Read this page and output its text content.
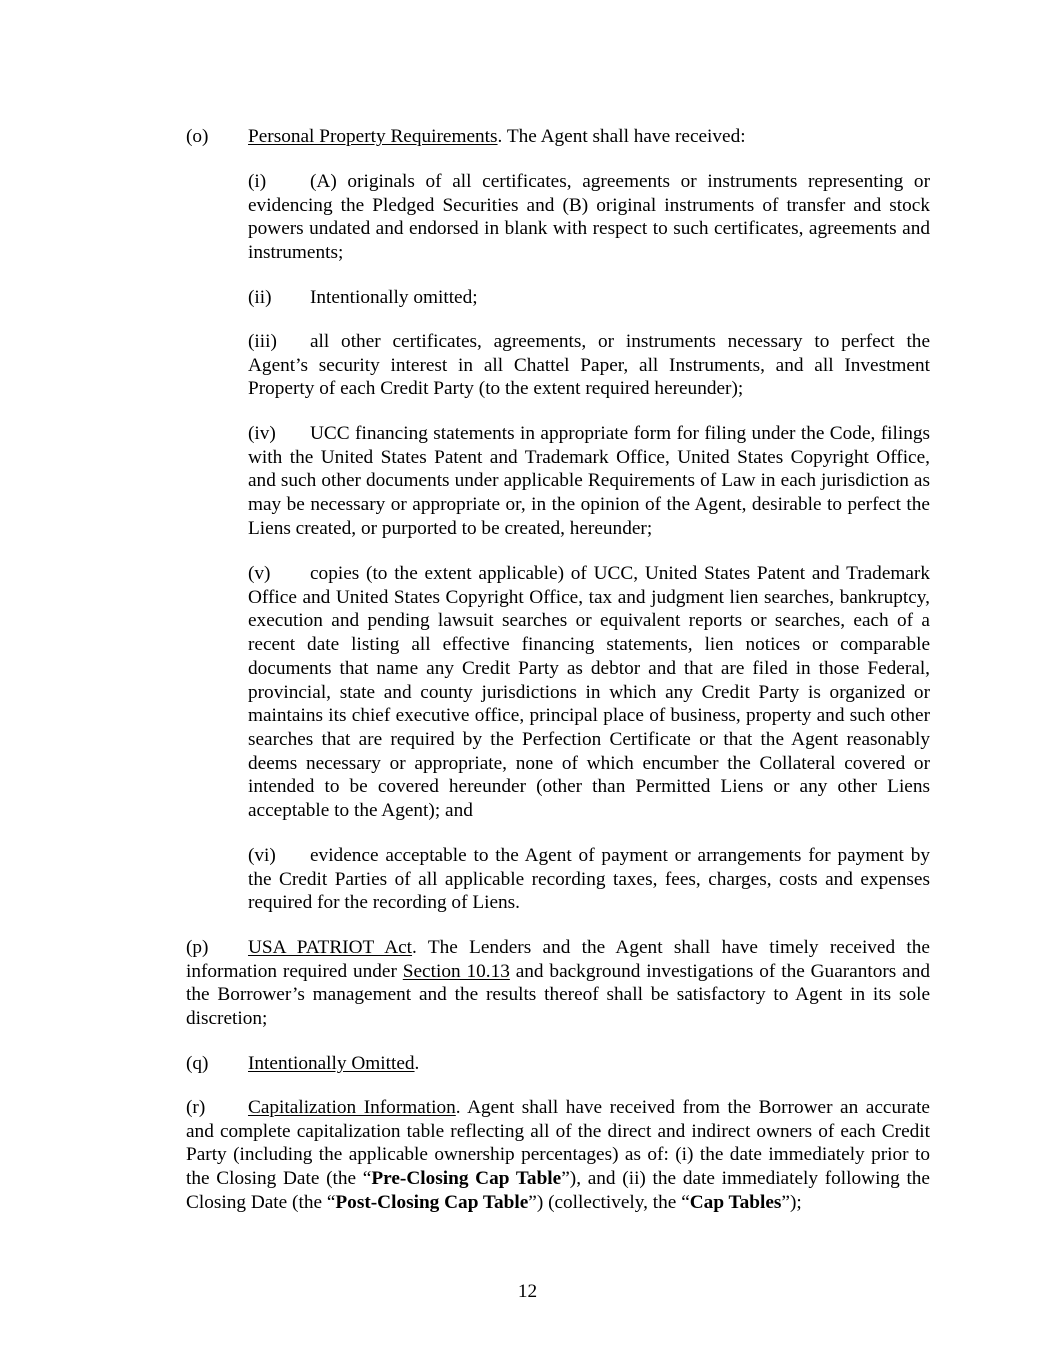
(o) Personal Property Requirements. The Agent shall have received:
(i) (A) originals of all certificates, agreements or instruments representing or evidencing the Pledged Securities and (B) original instruments of transfer and stock powers undated and endorsed in blank with respect to such certificates, agreements and instruments;
(ii) Intentionally omitted;
(iii) all other certificates, agreements, or instruments necessary to perfect the Agent’s security interest in all Chattel Paper, all Instruments, and all Investment Property of each Credit Party (to the extent required hereunder);
(iv) UCC financing statements in appropriate form for filing under the Code, filings with the United States Patent and Trademark Office, United States Copyright Office, and such other documents under applicable Requirements of Law in each jurisdiction as may be necessary or appropriate or, in the opinion of the Agent, desirable to perfect the Liens created, or purported to be created, hereunder;
(v) copies (to the extent applicable) of UCC, United States Patent and Trademark Office and United States Copyright Office, tax and judgment lien searches, bankruptcy, execution and pending lawsuit searches or equivalent reports or searches, each of a recent date listing all effective financing statements, lien notices or comparable documents that name any Credit Party as debtor and that are filed in those Federal, provincial, state and county jurisdictions in which any Credit Party is organized or maintains its chief executive office, principal place of business, property and such other searches that are required by the Perfection Certificate or that the Agent reasonably deems necessary or appropriate, none of which encumber the Collateral covered or intended to be covered hereunder (other than Permitted Liens or any other Liens acceptable to the Agent); and
(vi) evidence acceptable to the Agent of payment or arrangements for payment by the Credit Parties of all applicable recording taxes, fees, charges, costs and expenses required for the recording of Liens.
(p) USA PATRIOT Act. The Lenders and the Agent shall have timely received the information required under Section 10.13 and background investigations of the Guarantors and the Borrower’s management and the results thereof shall be satisfactory to Agent in its sole discretion;
(q) Intentionally Omitted.
(r) Capitalization Information. Agent shall have received from the Borrower an accurate and complete capitalization table reflecting all of the direct and indirect owners of each Credit Party (including the applicable ownership percentages) as of: (i) the date immediately prior to the Closing Date (the “Pre-Closing Cap Table”), and (ii) the date immediately following the Closing Date (the “Post-Closing Cap Table”) (collectively, the “Cap Tables”);
12
